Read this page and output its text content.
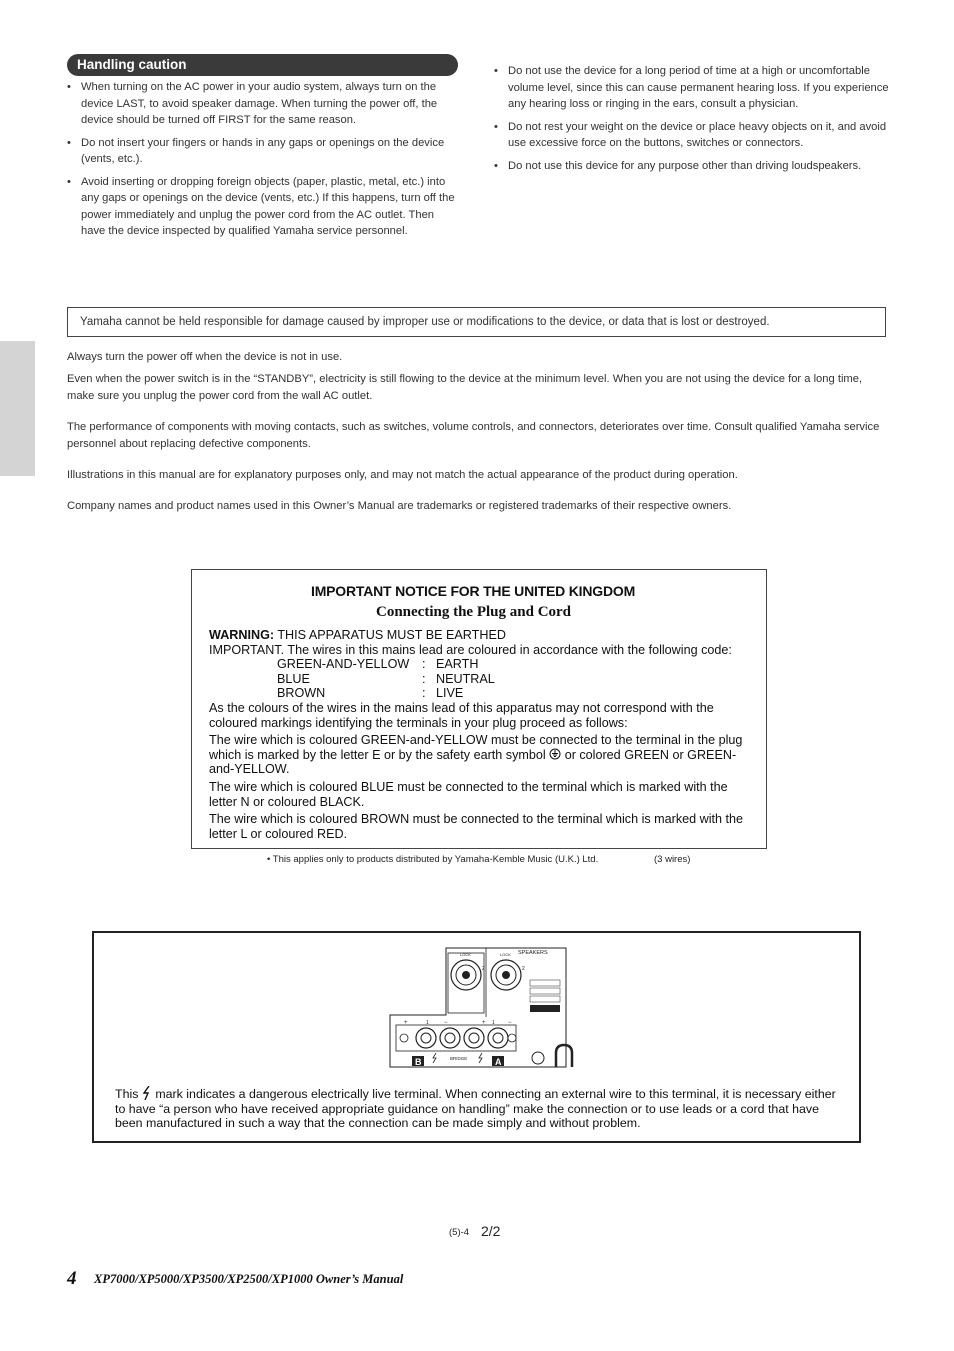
Handling caution
• When turning on the AC power in your audio system, always turn on the device LAST, to avoid speaker damage. When turning the power off, the device should be turned off FIRST for the same reason.
• Do not insert your fingers or hands in any gaps or openings on the device (vents, etc.).
• Avoid inserting or dropping foreign objects (paper, plastic, metal, etc.) into any gaps or openings on the device (vents, etc.) If this happens, turn off the power immediately and unplug the power cord from the AC outlet. Then have the device inspected by qualified Yamaha service personnel.
• Do not use the device for a long period of time at a high or uncomfortable volume level, since this can cause permanent hearing loss. If you experience any hearing loss or ringing in the ears, consult a physician.
• Do not rest your weight on the device or place heavy objects on it, and avoid use excessive force on the buttons, switches or connectors.
• Do not use this device for any purpose other than driving loudspeakers.
Yamaha cannot be held responsible for damage caused by improper use or modifications to the device, or data that is lost or destroyed.
Always turn the power off when the device is not in use.
Even when the power switch is in the “STANDBY”, electricity is still flowing to the device at the minimum level. When you are not using the device for a long time, make sure you unplug the power cord from the wall AC outlet.
The performance of components with moving contacts, such as switches, volume controls, and connectors, deteriorates over time. Consult qualified Yamaha service personnel about replacing defective components.
Illustrations in this manual are for explanatory purposes only, and may not match the actual appearance of the product during operation.
Company names and product names used in this Owner’s Manual are trademarks or registered trademarks of their respective owners.
IMPORTANT NOTICE FOR THE UNITED KINGDOM
Connecting the Plug and Cord

WARNING: THIS APPARATUS MUST BE EARTHED

IMPORTANT. The wires in this mains lead are coloured in accordance with the following code:

GREEN-AND-YELLOW	: EARTH
BLUE	: NEUTRAL
BROWN	: LIVE

As the colours of the wires in the mains lead of this apparatus may not correspond with the coloured markings identifying the terminals in your plug proceed as follows:

The wire which is coloured GREEN-and-YELLOW must be connected to the terminal in the plug which is marked by the letter E or by the safety earth symbol or colored GREEN or GREEN-and-YELLOW.

The wire which is coloured BLUE must be connected to the terminal which is marked with the letter N or coloured BLACK.

The wire which is coloured BROWN must be connected to the terminal which is marked with the letter L or coloured RED.

• This applies only to products distributed by Yamaha-Kemble Music (U.K.) Ltd.	(3 wires)
LOCK	LOCK SPEAKERS
2	2
+	1	−	+ 1 −
B	A
BRIDGE
This mark indicates a dangerous electrically live terminal. When connecting an external wire to this terminal, it is necessary either to have “a person who have received appropriate guidance on handling” make the connection or to use leads or a cord that have been manufactured in such a way that the connection can be made simply and without problem.
(5)-4 2/2
4 XP7000/XP5000/XP3500/XP2500/XP1000 Owner’s Manual
